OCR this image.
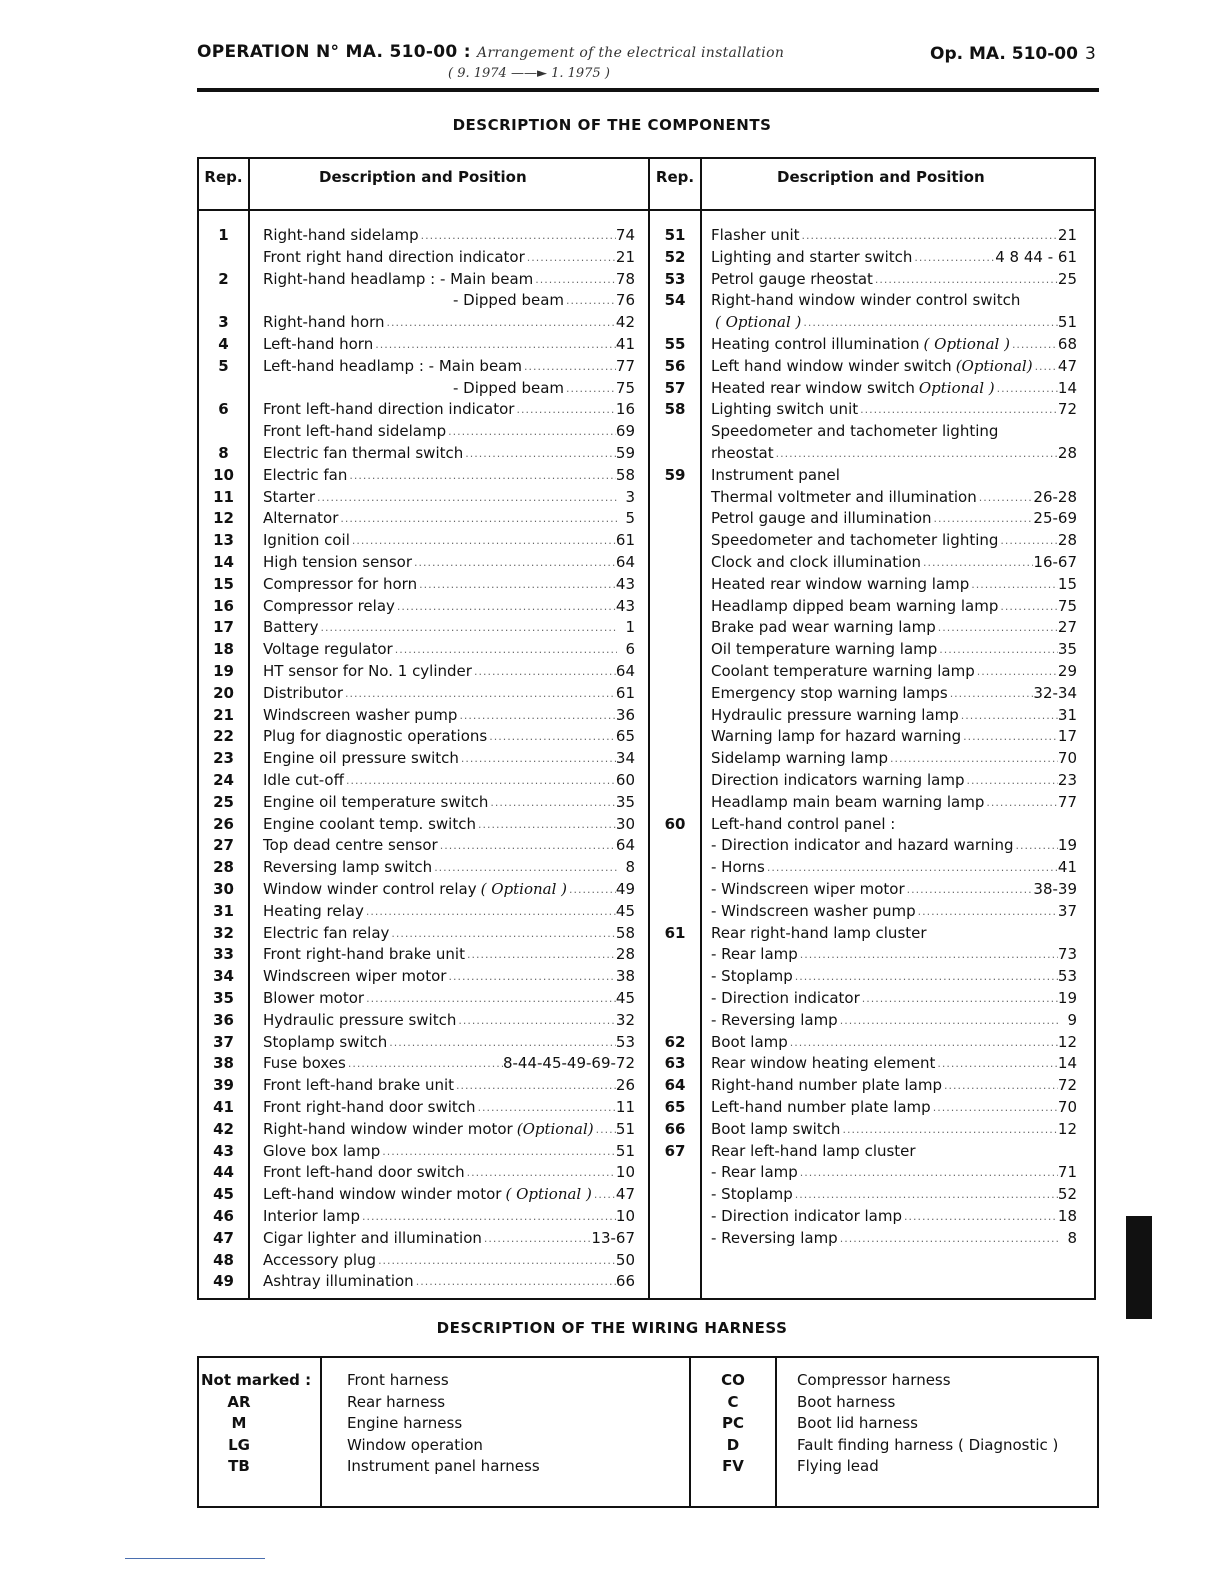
OPERATION N° MA. 510-00 : Arrangement of the electrical installation
( 9. 1974 ——► 1. 1975 )
Op. MA. 510-00 3
DESCRIPTION OF THE COMPONENTS
Rep.	Description and Position	Rep.	Description and Position
1	Right-hand sidelamp .....	74
Front right hand direction indicator .....	21
2	Right-hand headlamp : - Main beam .....	78
- Dipped beam .....	76
3	Right-hand horn .....	42
4	Left-hand horn .....	41
5	Left-hand headlamp : - Main beam .....	77
- Dipped beam .....	75
6	Front left-hand direction indicator .....	16
Front left-hand sidelamp .....	69
8	Electric fan thermal switch .....	59
10	Electric fan .....	58
11	Starter .....	3
12	Alternator .....	5
13	Ignition coil .....	61
14	High tension sensor .....	64
15	Compressor for horn .....	43
16	Compressor relay .....	43
17	Battery .....	1
18	Voltage regulator .....	6
19	HT sensor for No. 1 cylinder .....	64
20	Distributor .....	61
21	Windscreen washer pump .....	36
22	Plug for diagnostic operations .....	65
23	Engine oil pressure switch .....	34
24	Idle cut-off .....	60
25	Engine oil temperature switch .....	35
26	Engine coolant temp. switch .....	30
27	Top dead centre sensor .....	64
28	Reversing lamp switch .....	8
30	Window winder control relay ( Optional ) .....	49
31	Heating relay .....	45
32	Electric fan relay .....	58
33	Front right-hand brake unit .....	28
34	Windscreen wiper motor .....	38
35	Blower motor .....	45
36	Hydraulic pressure switch .....	32
37	Stoplamp switch .....	53
38	Fuse boxes .....	8-44-45-49-69-72
39	Front left-hand brake unit .....	26
41	Front right-hand door switch .....	11
42	Right-hand window winder motor (Optional) ..... 51
43	Glove box lamp .....	51
44	Front left-hand door switch .....	10
45	Left-hand window winder motor ( Optional ) ..... 47
46	Interior lamp .....	10
47	Cigar lighter and illumination .....	13-67
48	Accessory plug .....	50
49	Ashtray illumination .....	66
51	Flasher unit .....	21
52	Lighting and starter switch .....	4 8 44 - 61
53	Petrol gauge rheostat .....	25
54	Right-hand window winder control switch
( Optional ) .....	51
55	Heating control illumination ( Optional ) .....	68
56	Left hand window winder switch (Optional) ..... 47
57	Heated rear window switch Optional ) .....	14
58	Lighting switch unit .....	72
Speedometer and tachometer lighting
rheostat .....	28
59	Instrument panel
Thermal voltmeter and illumination .....	26-28
Petrol gauge and illumination .....	25-69
Speedometer and tachometer lighting .....	28
Clock and clock illumination .....	16-67
Heated rear window warning lamp .....	15
Headlamp dipped beam warning lamp .....	75
Brake pad wear warning lamp .....	27
Oil temperature warning lamp .....	35
Coolant temperature warning lamp .....	29
Emergency stop warning lamps .....	32-34
Hydraulic pressure warning lamp .....	31
Warning lamp for hazard warning .....	17
Sidelamp warning lamp .....	70
Direction indicators warning lamp .....	23
Headlamp main beam warning lamp .....	77
60	Left-hand control panel :
- Direction indicator and hazard warning .....	19
- Horns .....	41
- Windscreen wiper motor .....	38-39
- Windscreen washer pump .....	37
61	Rear right-hand lamp cluster
- Rear lamp .....	73
- Stoplamp .....	53
- Direction indicator .....	19
- Reversing lamp .....	9
62	Boot lamp .....	12
63	Rear window heating element .....	14
64	Right-hand number plate lamp .....	72
65	Left-hand number plate lamp .....	70
66	Boot lamp switch .....	12
67	Rear left-hand lamp cluster
- Rear lamp .....	71
- Stoplamp .....	52
- Direction indicator lamp .....	18
- Reversing lamp .....	8
DESCRIPTION OF THE WIRING HARNESS
Not marked : Front harness
AR	Rear harness
M	Engine harness
LG	Window operation
TB	Instrument panel harness
CO	Compressor harness
C	Boot harness
PC	Boot lid harness
D	Fault finding harness ( Diagnostic )
FV	Flying lead
